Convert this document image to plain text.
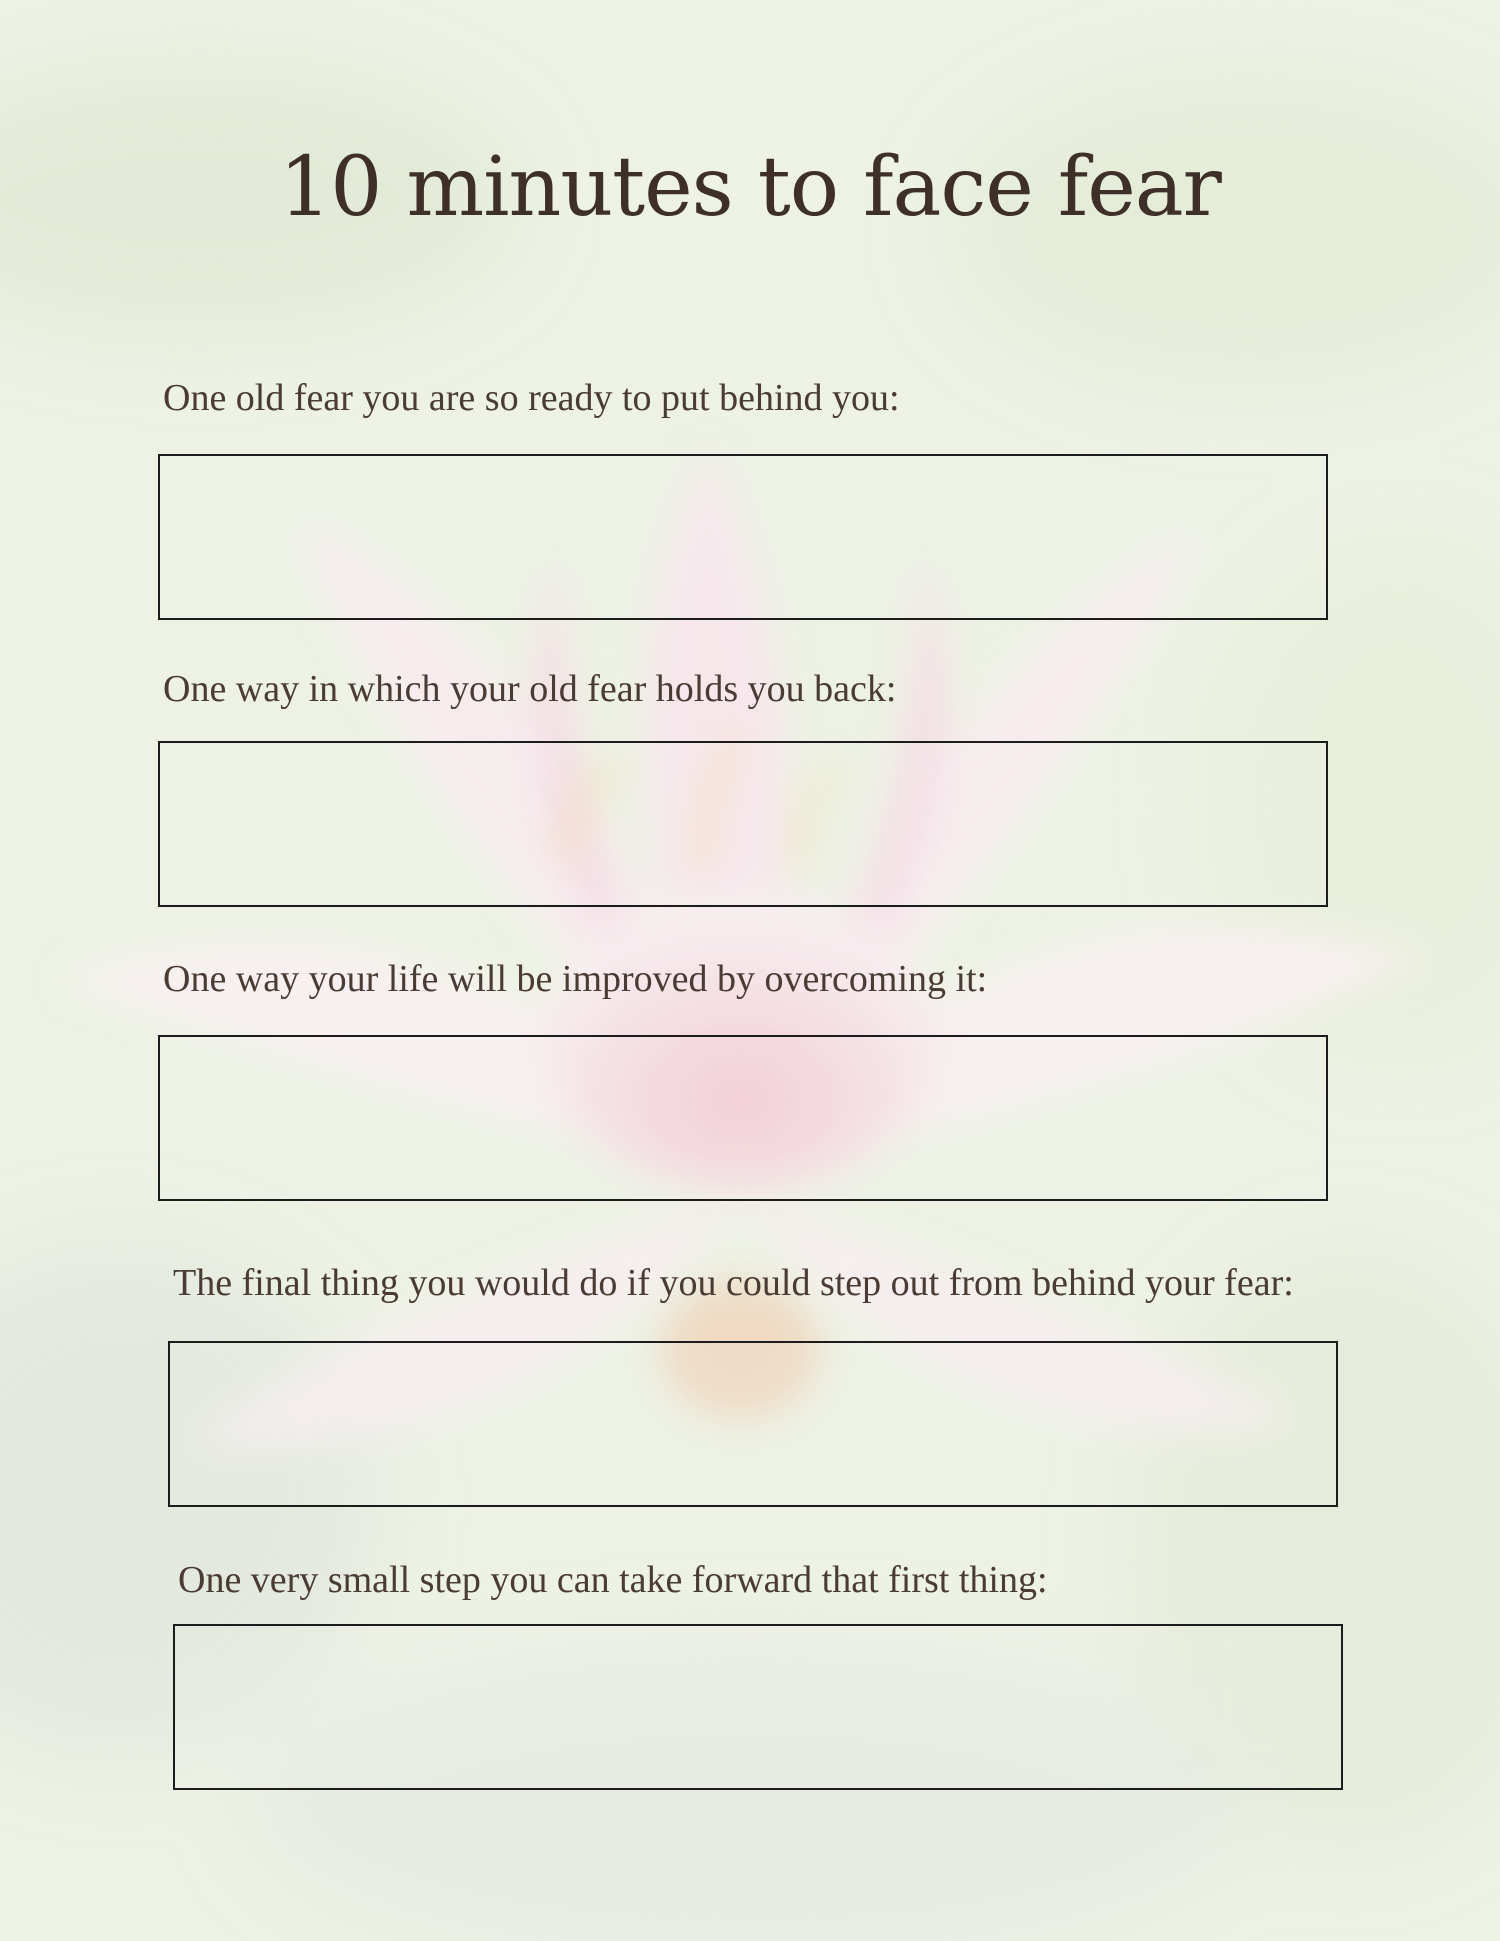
10 minutes to face fear

One old fear you are so ready to put behind you:

One way in which your old fear holds you back:

One way your life will be improved by overcoming it:

The final thing you would do if you could step out from behind your fear:

One very small step you can take forward that first thing:
